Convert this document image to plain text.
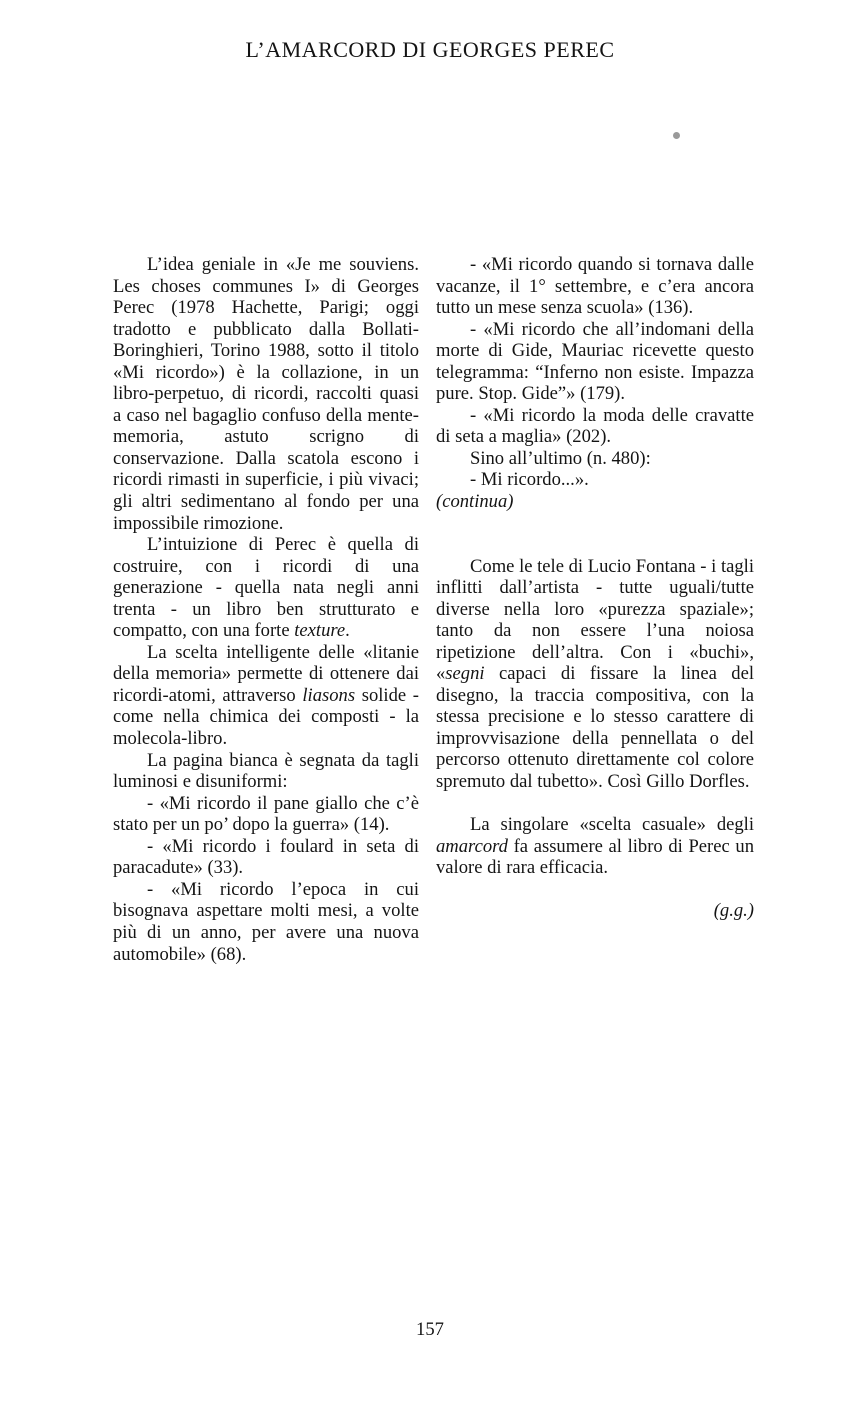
L’AMARCORD DI GEORGES PEREC

L’idea geniale in «Je me souviens. Les choses communes I» di Georges Perec (1978 Hachette, Parigi; oggi tradotto e pubblicato dalla Bollati-Boringhieri, Torino 1988, sotto il titolo «Mi ricordo») è la collazione, in un libro-perpetuo, di ricordi, raccolti quasi a caso nel bagaglio confuso della mente-memoria, astuto scrigno di conservazione. Dalla scatola escono i ricordi rimasti in superficie, i più vivaci; gli altri sedimentano al fondo per una impossibile rimozione.

L’intuizione di Perec è quella di costruire, con i ricordi di una generazione - quella nata negli anni trenta - un libro ben strutturato e compatto, con una forte texture.

La scelta intelligente delle «litanie della memoria» permette di ottenere dai ricordi-atomi, attraverso liasons solide - come nella chimica dei composti - la molecola-libro.

La pagina bianca è segnata da tagli luminosi e disuniformi:

- «Mi ricordo il pane giallo che c’è stato per un po’ dopo la guerra» (14).

- «Mi ricordo i foulard in seta di paracadute» (33).

- «Mi ricordo l’epoca in cui bisognava aspettare molti mesi, a volte più di un anno, per avere una nuova automobile» (68).

- «Mi ricordo quando si tornava dalle vacanze, il 1° settembre, e c’era ancora tutto un mese senza scuola» (136).

- «Mi ricordo che all’indomani della morte di Gide, Mauriac ricevette questo telegramma: “Inferno non esiste. Impazza pure. Stop. Gide”» (179).

- «Mi ricordo la moda delle cravatte di seta a maglia» (202).

Sino all’ultimo (n. 480):

- Mi ricordo...».

(continua)

Come le tele di Lucio Fontana - i tagli inflitti dall’artista - tutte uguali/tutte diverse nella loro «purezza spaziale»; tanto da non essere l’una noiosa ripetizione dell’altra. Con i «buchi», «segni capaci di fissare la linea del disegno, la traccia compositiva, con la stessa precisione e lo stesso carattere di improvvisazione della pennellata o del percorso ottenuto direttamente col colore spremuto dal tubetto». Così Gillo Dorfles.

La singolare «scelta casuale» degli amarcord fa assumere al libro di Perec un valore di rara efficacia.

(g.g.)

157
